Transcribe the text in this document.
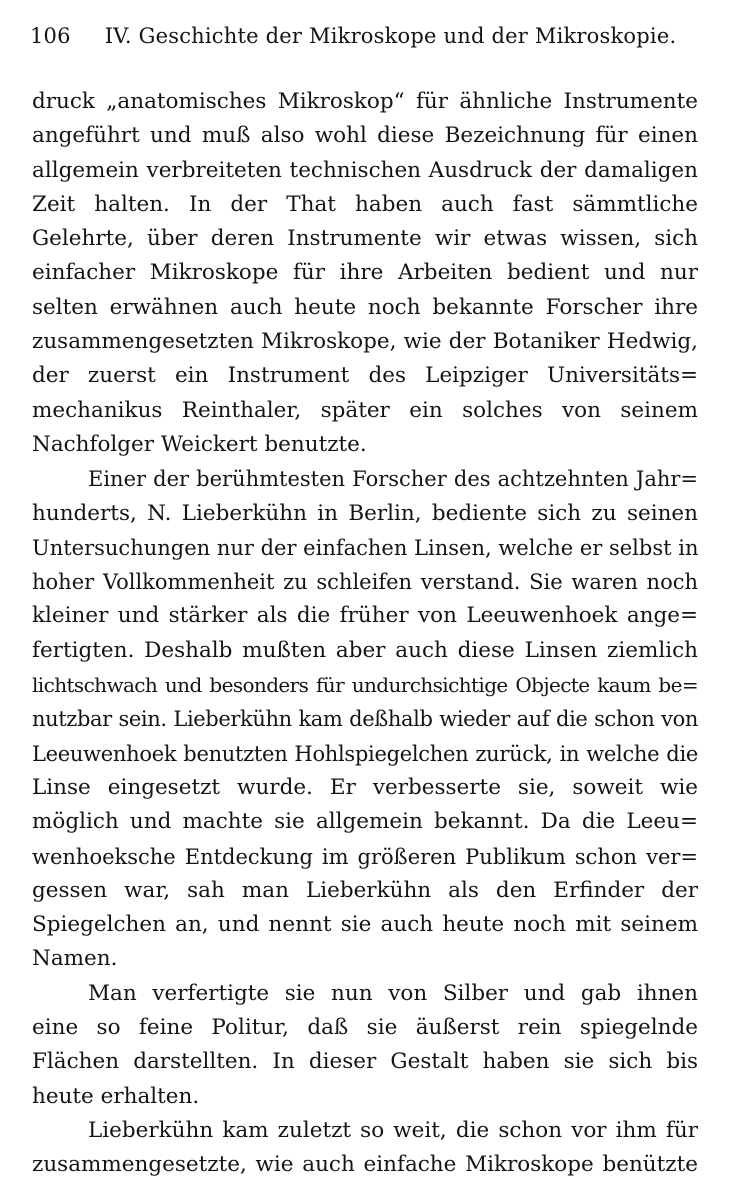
106 IV. Geschichte der Mikroskope und der Mikroskopie.
druck „anatomisches Mikroskop“ für ähnliche Instrumente
angeführt und muß also wohl diese Bezeichnung für einen
allgemein verbreiteten technischen Ausdruck der damaligen
Zeit halten. In der That haben auch fast sämmtliche
Gelehrte, über deren Instrumente wir etwas wissen, sich
einfacher Mikroskope für ihre Arbeiten bedient und nur
selten erwähnen auch heute noch bekannte Forscher ihre
zusammengesetzten Mikroskope, wie der Botaniker Hedwig,
der zuerst ein Instrument des Leipziger Universitäts=
mechanikus Reinthaler, später ein solches von seinem
Nachfolger Weickert benutzte.
Einer der berühmtesten Forscher des achtzehnten Jahr=
hunderts, N. Lieberkühn in Berlin, bediente sich zu seinen
Untersuchungen nur der einfachen Linsen, welche er selbst in
hoher Vollkommenheit zu schleifen verstand. Sie waren noch
kleiner und stärker als die früher von Leeuwenhoek ange=
fertigten. Deshalb mußten aber auch diese Linsen ziemlich
lichtschwach und besonders für undurchsichtige Objecte kaum be=
nutzbar sein. Lieberkühn kam deßhalb wieder auf die schon von
Leeuwenhoek benutzten Hohlspiegelchen zurück, in welche die
Linse eingesetzt wurde. Er verbesserte sie, soweit wie
möglich und machte sie allgemein bekannt. Da die Leeu=
wenhoeksche Entdeckung im größeren Publikum schon ver=
gessen war, sah man Lieberkühn als den Erfinder der
Spiegelchen an, und nennt sie auch heute noch mit seinem
Namen.
Man verfertigte sie nun von Silber und gab ihnen
eine so feine Politur, daß sie äußerst rein spiegelnde
Flächen darstellten. In dieser Gestalt haben sie sich bis
heute erhalten.
Lieberkühn kam zuletzt so weit, die schon vor ihm für
zusammengesetzte, wie auch einfache Mikroskope benützte
